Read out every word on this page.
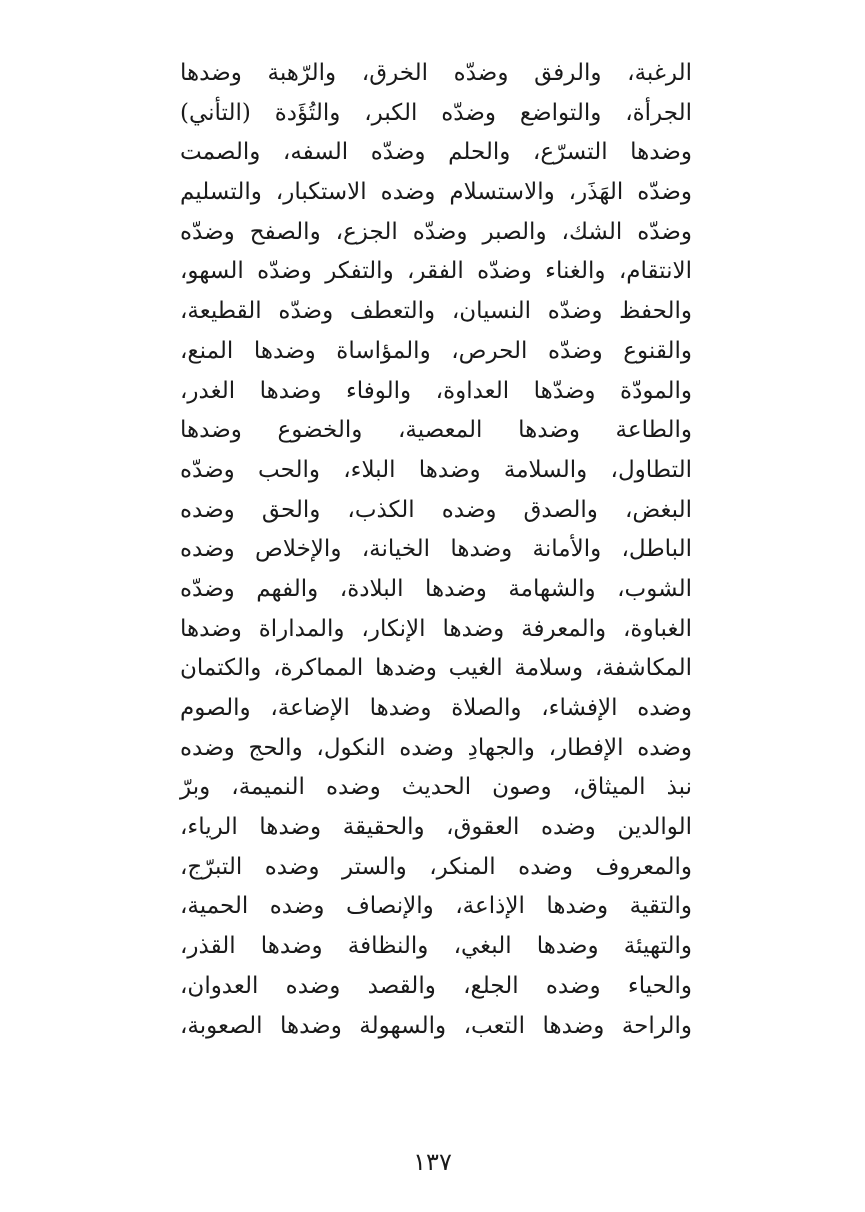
الرغبة، والرفق وضدّه الخرق، والرّهبة وضدها
الجرأة، والتواضع وضدّه الكبر، والتُؤَدة (التأني)
وضدها التسرّع، والحلم وضدّه السفه، والصمت
وضدّه الهَذَر، والاستسلام وضده الاستكبار، والتسليم
وضدّه الشك، والصبر وضدّه الجزع، والصفح وضدّه
الانتقام، والغناء وضدّه الفقر، والتفكر وضدّه السهو،
والحفظ وضدّه النسيان، والتعطف وضدّه القطيعة،
والقنوع وضدّه الحرص، والمؤاساة وضدها المنع،
والمودّة وضدّها العداوة، والوفاء وضدها الغدر،
والطاعة وضدها المعصية، والخضوع وضدها
التطاول، والسلامة وضدها البلاء، والحب وضدّه
البغض، والصدق وضده الكذب، والحق وضده
الباطل، والأمانة وضدها الخيانة، والإخلاص وضده
الشوب، والشهامة وضدها البلادة، والفهم وضدّه
الغباوة، والمعرفة وضدها الإنكار، والمداراة وضدها
المكاشفة، وسلامة الغيب وضدها المماكرة، والكتمان
وضده الإفشاء، والصلاة وضدها الإضاعة، والصوم
وضده الإفطار، والجهادِ وضده النكول، والحج وضده
نبذ الميثاق، وصون الحديث وضده النميمة، وبرّ
الوالدين وضده العقوق، والحقيقة وضدها الرياء،
والمعروف وضده المنكر، والستر وضده التبرّج،
والتقية وضدها الإذاعة، والإنصاف وضده الحمية،
والتهيئة وضدها البغي، والنظافة وضدها القذر،
والحياء وضده الجلع، والقصد وضده العدوان،
والراحة وضدها التعب، والسهولة وضدها الصعوبة،
١٣٧
